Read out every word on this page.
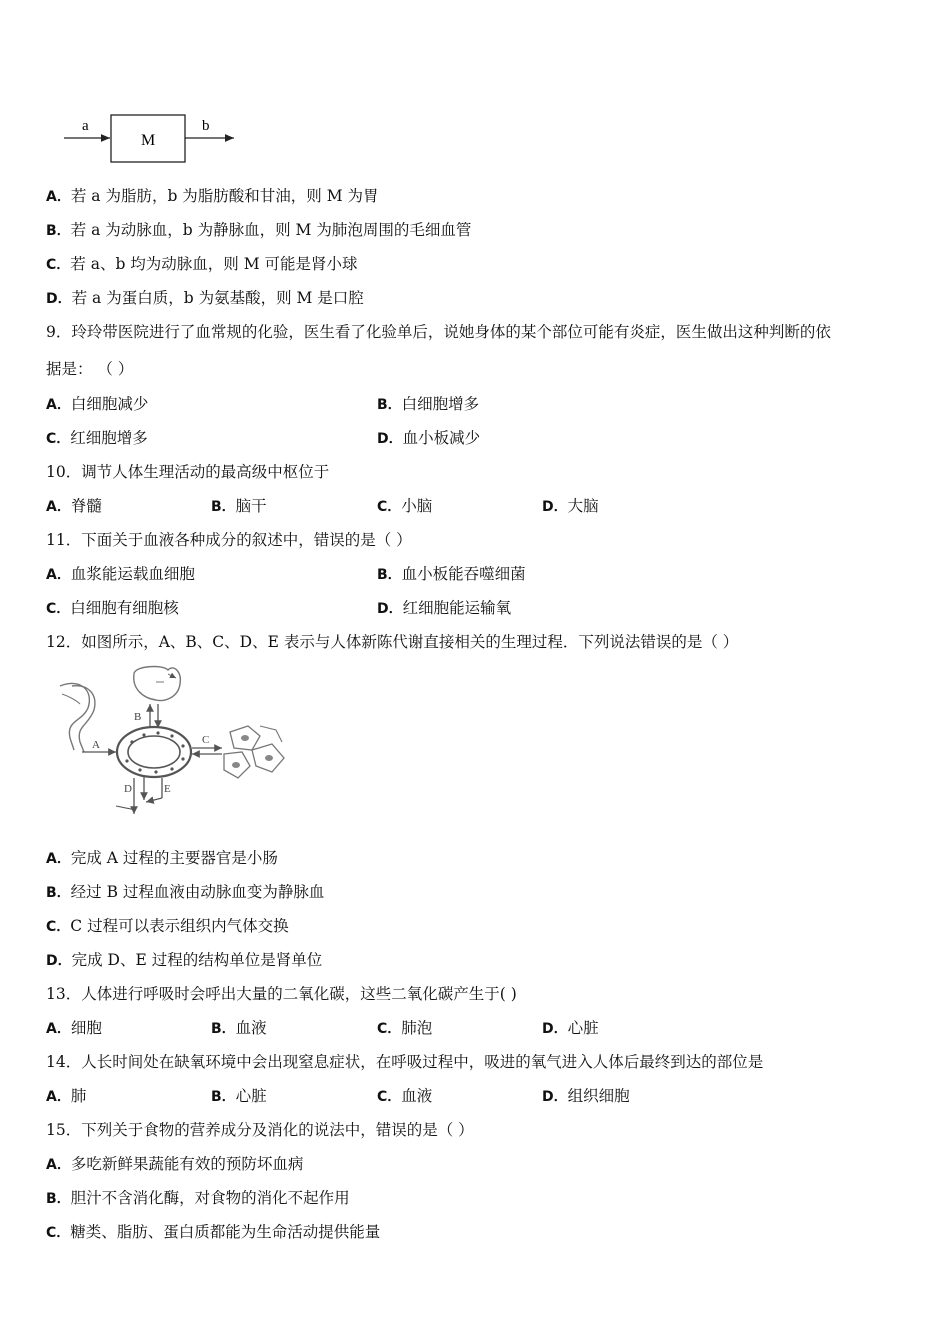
a
M
b
A．若 a 为脂肪，b 为脂肪酸和甘油，则 M 为胃
B．若 a 为动脉血，b 为静脉血，则 M 为肺泡周围的毛细血管
C．若 a、b 均为动脉血，则 M 可能是肾小球
D．若 a 为蛋白质，b 为氨基酸，则 M 是口腔
9．玲玲带医院进行了血常规的化验，医生看了化验单后，说她身体的某个部位可能有炎症，医生做出这种判断的依
据是： （ ）
A．白细胞减少	B．白细胞增多
C．红细胞增多	D．血小板减少
10．调节人体生理活动的最高级中枢位于
A．脊髓	B．脑干	C．小脑	D．大脑
11．下面关于血液各种成分的叙述中，错误的是（ ）
A．血浆能运载血细胞	B．血小板能吞噬细菌
C．白细胞有细胞核	D．红细胞能运输氧
12．如图所示，A、B、C、D、E 表示与人体新陈代谢直接相关的生理过程．下列说法错误的是（ ）
B
A	C
D	E
A．完成 A 过程的主要器官是小肠
B．经过 B 过程血液由动脉血变为静脉血
C．C 过程可以表示组织内气体交换
D．完成 D、E 过程的结构单位是肾单位
13．人体进行呼吸时会呼出大量的二氧化碳，这些二氧化碳产生于( )
A．细胞	B．血液	C．肺泡	D．心脏
14．人长时间处在缺氧环境中会出现窒息症状，在呼吸过程中，吸进的氧气进入人体后最终到达的部位是
A．肺	B．心脏	C．血液	D．组织细胞
15．下列关于食物的营养成分及消化的说法中，错误的是（ ）
A．多吃新鲜果蔬能有效的预防坏血病
B．胆汁不含消化酶，对食物的消化不起作用
C．糖类、脂肪、蛋白质都能为生命活动提供能量
